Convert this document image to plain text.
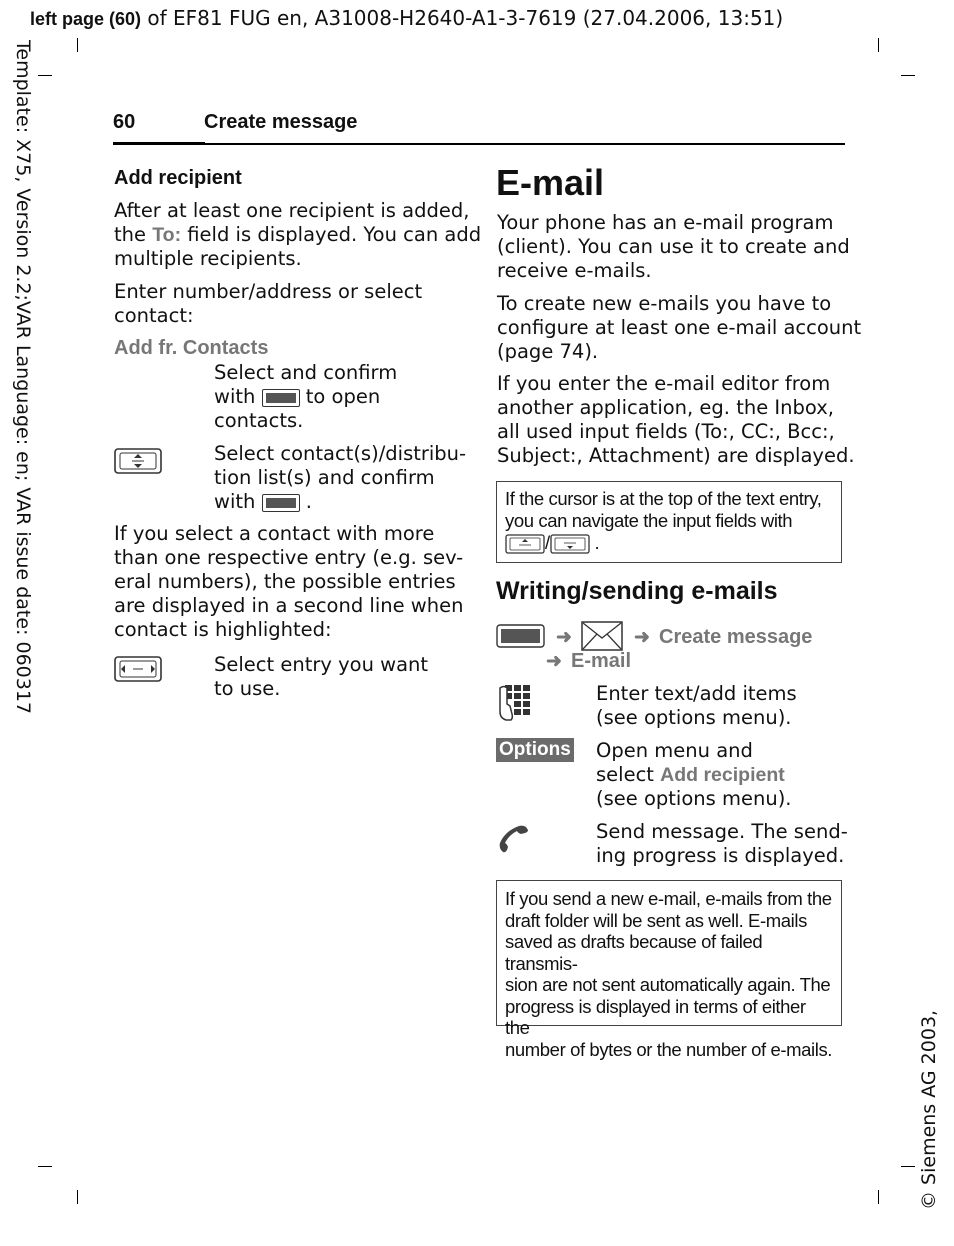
left page (60) of EF81 FUG en, A31008-H2640-A1-3-7619 (27.04.2006, 13:51)
Template: X75, Version 2.2;VAR Language: en; VAR issue date: 060317
© Siemens AG 2003,
60	Create message
Add recipient
After at least one recipient is added,
the To: field is displayed. You can add
multiple recipients.
Enter number/address or select
contact:
Add fr. Contacts
Select and confirm
with	to open
contacts.
Select contact(s)/distribu-
tion list(s) and confirm
with	.
If you select a contact with more
than one respective entry (e.g. sev-
eral numbers), the possible entries
are displayed in a second line when
contact is highlighted:
Select entry you want
to use.
E-mail
Your phone has an e-mail program
(client). You can use it to create and
receive e-mails.
To create new e-mails you have to
configure at least one e-mail account
(page 74).
If you enter the e-mail editor from
another application, eg. the Inbox,
all used input fields (To:, CC:, Bcc:,
Subject:, Attachment) are displayed.
If the cursor is at the top of the text entry,
you can navigate the input fields with
/ .
Writing/sending e-mails
➜	➜ Create message
➜ E-mail
Enter text/add items
(see options menu).
Options Open menu and
select Add recipient
(see options menu).
Send message. The send-
ing progress is displayed.
If you send a new e-mail, e-mails from the
draft folder will be sent as well. E-mails
saved as drafts because of failed transmis-
sion are not sent automatically again. The
progress is displayed in terms of either the
number of bytes or the number of e-mails.
